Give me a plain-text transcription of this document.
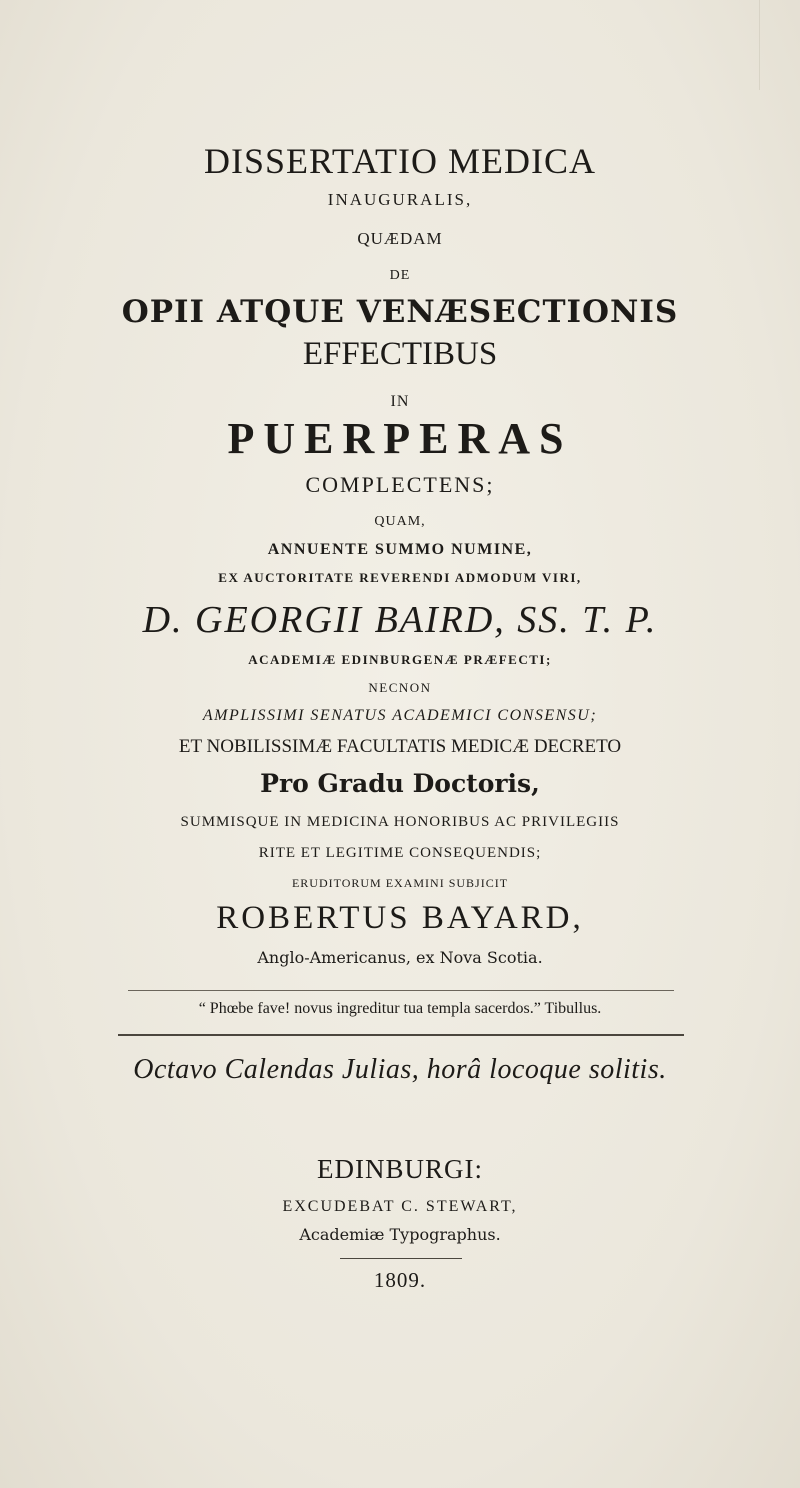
DISSERTATIO MEDICA
INAUGURALIS,
QUÆDAM
DE
OPII ATQUE VENÆSECTIONIS
EFFECTIBUS
IN
PUERPERAS
COMPLECTENS;
QUAM,
ANNUENTE SUMMO NUMINE,
EX AUCTORITATE REVERENDI ADMODUM VIRI,
D. GEORGII BAIRD, SS. T. P.
ACADEMIÆ EDINBURGENÆ PRÆFECTI;
NECNON
AMPLISSIMI SENATUS ACADEMICI CONSENSU;
ET NOBILISSIMÆ FACULTATIS MEDICÆ DECRETO
Pro Gradu Doctoris,
SUMMISQUE IN MEDICINA HONORIBUS AC PRIVILEGIIS
RITE ET LEGITIME CONSEQUENDIS;
ERUDITORUM EXAMINI SUBJICIT
ROBERTUS BAYARD,
Anglo-Americanus, ex Nova Scotia.
“ Phœbe fave! novus ingreditur tua templa sacerdos.” Tibullus.
Octavo Calendas Julias, horâ locoque solitis.
EDINBURGI:
EXCUDEBAT C. STEWART,
Academiæ Typographus.
1809.
